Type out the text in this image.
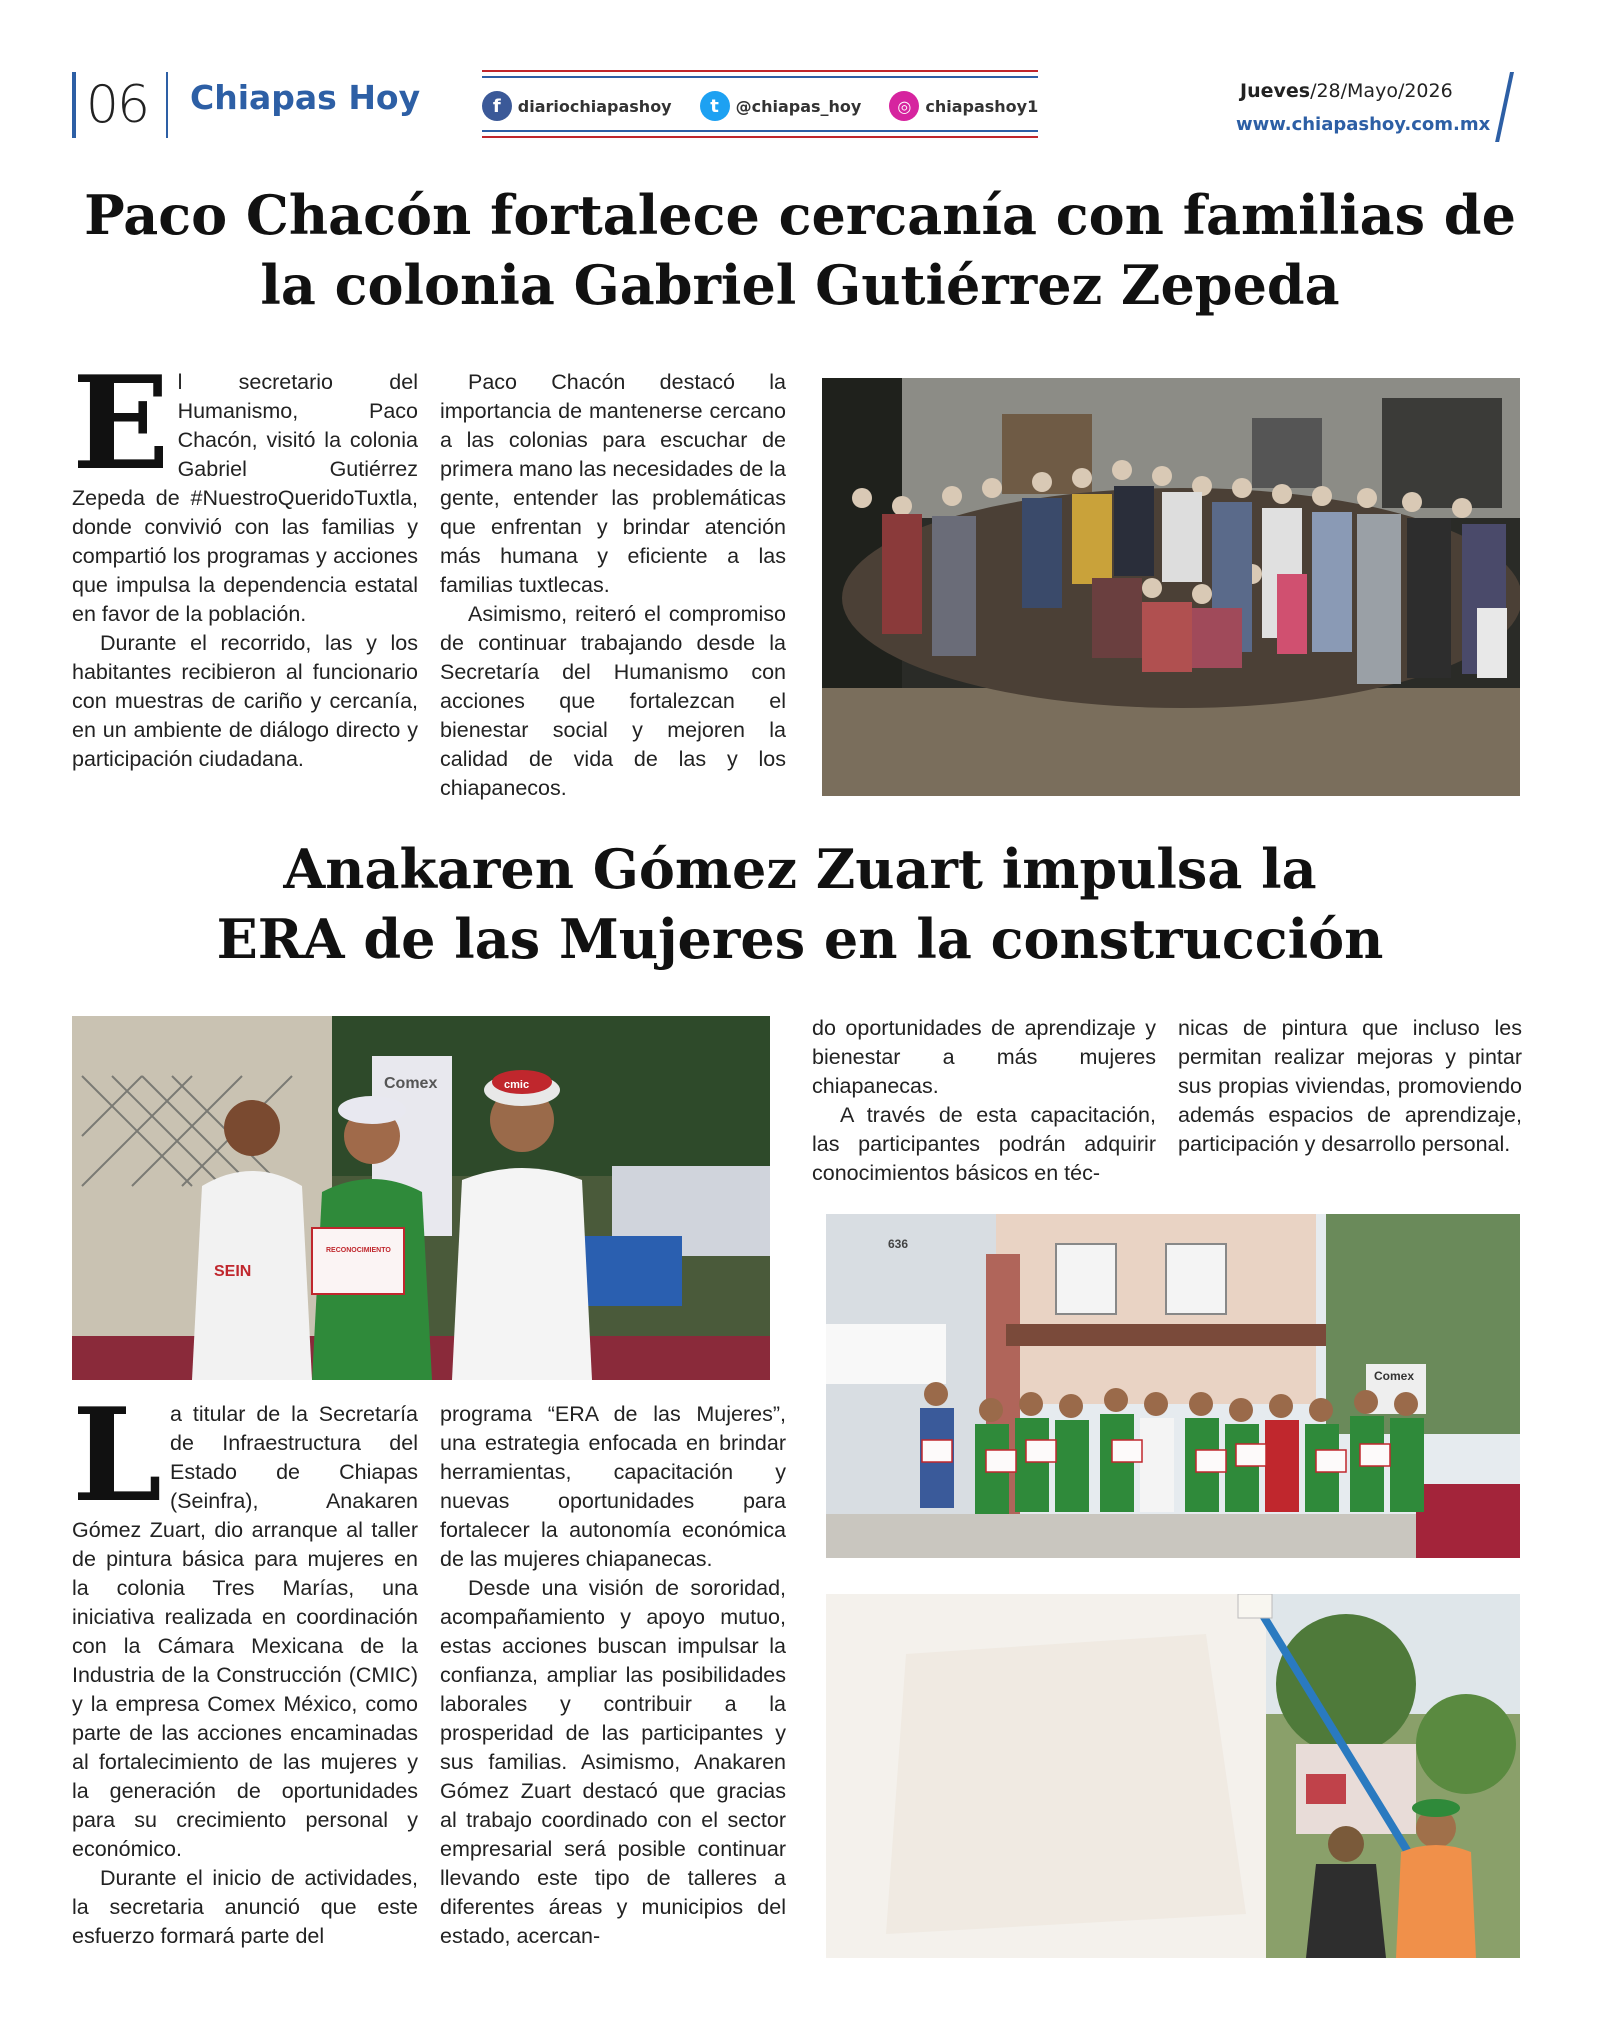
06	Chiapas Hoy	f	diariochiapashoy	t	@chiapas_hoy	◎ chiapashoy1
Jueves/28/Mayo/2026
www.chiapashoy.com.mx
Paco Chacón fortalece cercanía con familias de
la colonia Gabriel Gutiérrez Zepeda
E l secretario del Humanismo, Paco Chacón, visitó la colonia Gabriel Gutiérrez Zepeda de #NuestroQueridoTuxtla, donde convivió con las familias y compartió los programas y acciones que impulsa la dependencia estatal en favor de la población.

Durante el recorrido, las y los habitantes recibieron al funcionario con muestras de cariño y cercanía, en un ambiente de diálogo directo y participación ciudadana.

Paco Chacón destacó la importancia de mantenerse cercano a las colonias para escuchar de primera mano las necesidades de la gente, entender las problemáticas que enfrentan y brindar atención más humana y eficiente a las familias tuxtlecas.

Asimismo, reiteró el compromiso de continuar trabajando desde la Secretaría del Humanismo con acciones que fortalezcan el bienestar social y mejoren la calidad de vida de las y los chiapanecos.

Anakaren Gómez Zuart impulsa la
ERA de las Mujeres en la construcción
Comex	cmic
RECONOCIMIENTO
SEIN
L a titular de la Secretaría de Infraestructura del Estado de Chiapas (Seinfra), Anakaren Gómez Zuart, dio arranque al taller de pintura básica para mujeres en la colonia Tres Marías, una iniciativa realizada en coordinación con la Cámara Mexicana de la Industria de la Construcción (CMIC) y la empresa Comex México, como parte de las acciones encaminadas al fortalecimiento de las mujeres y la generación de oportunidades para su crecimiento personal y económico.

Durante el inicio de actividades, la secretaria anunció que este esfuerzo formará parte del

programa “ERA de las Mujeres”, una estrategia enfocada en brindar herramientas, capacitación y nuevas oportunidades para fortalecer la autonomía económica de las mujeres chiapanecas.

Desde una visión de sororidad, acompañamiento y apoyo mutuo, estas acciones buscan impulsar la confianza, ampliar las posibilidades laborales y contribuir a la prosperidad de las participantes y sus familias. Asimismo, Anakaren Gómez Zuart destacó que gracias al trabajo coordinado con el sector empresarial será posible continuar llevando este tipo de talleres a diferentes áreas y municipios del estado, acercan-

do oportunidades de aprendizaje y bienestar a más mujeres chiapanecas.

A través de esta capacitación, las participantes podrán adquirir conocimientos básicos en téc-

nicas de pintura que incluso les permitan realizar mejoras y pintar sus propias viviendas, promoviendo además espacios de aprendizaje, participación y desarrollo personal.

636
Comex
